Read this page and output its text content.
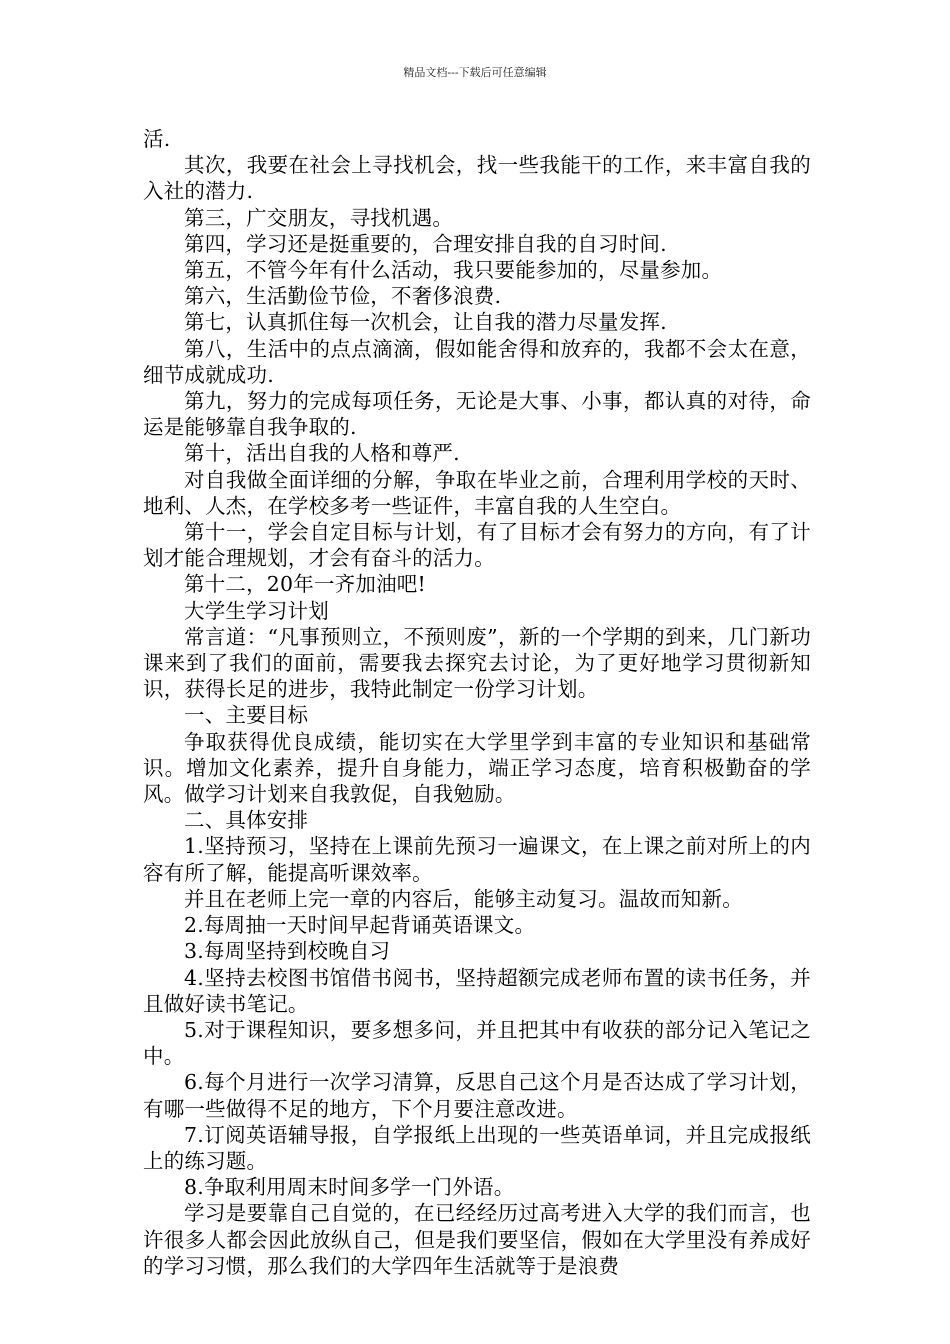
精品文档---下载后可任意编辑

活.

其次，我要在社会上寻找机会，找一些我能干的工作，来丰富自我的入社的潜力.

第三，广交朋友，寻找机遇。

第四，学习还是挺重要的，合理安排自我的自习时间.

第五，不管今年有什么活动，我只要能参加的，尽量参加。

第六，生活勤俭节俭，不奢侈浪费.

第七，认真抓住每一次机会，让自我的潜力尽量发挥.

第八，生活中的点点滴滴，假如能舍得和放弃的，我都不会太在意，细节成就成功.

第九，努力的完成每项任务，无论是大事、小事，都认真的对待，命运是能够靠自我争取的.

第十，活出自我的人格和尊严.

对自我做全面详细的分解，争取在毕业之前，合理利用学校的天时、地利、人杰，在学校多考一些证件，丰富自我的人生空白。

第十一，学会自定目标与计划，有了目标才会有努力的方向，有了计划才能合理规划，才会有奋斗的活力。

第十二，20年一齐加油吧!

大学生学习计划

常言道：“凡事预则立，不预则废”，新的一个学期的到来，几门新功课来到了我们的面前，需要我去探究去讨论，为了更好地学习贯彻新知识，获得长足的进步，我特此制定一份学习计划。

一、主要目标

争取获得优良成绩，能切实在大学里学到丰富的专业知识和基础常识。增加文化素养，提升自身能力，端正学习态度，培育积极勤奋的学风。做学习计划来自我敦促，自我勉励。

二、具体安排

1.坚持预习，坚持在上课前先预习一遍课文，在上课之前对所上的内容有所了解，能提高听课效率。

并且在老师上完一章的内容后，能够主动复习。温故而知新。

2.每周抽一天时间早起背诵英语课文。

3.每周坚持到校晚自习

4.坚持去校图书馆借书阅书，坚持超额完成老师布置的读书任务，并且做好读书笔记。

5.对于课程知识，要多想多问，并且把其中有收获的部分记入笔记之中。

6.每个月进行一次学习清算，反思自己这个月是否达成了学习计划，有哪一些做得不足的地方，下个月要注意改进。

7.订阅英语辅导报，自学报纸上出现的一些英语单词，并且完成报纸上的练习题。

8.争取利用周末时间多学一门外语。

学习是要靠自己自觉的，在已经经历过高考进入大学的我们而言，也许很多人都会因此放纵自己，但是我们要坚信，假如在大学里没有养成好的学习习惯，那么我们的大学四年生活就等于是浪费
